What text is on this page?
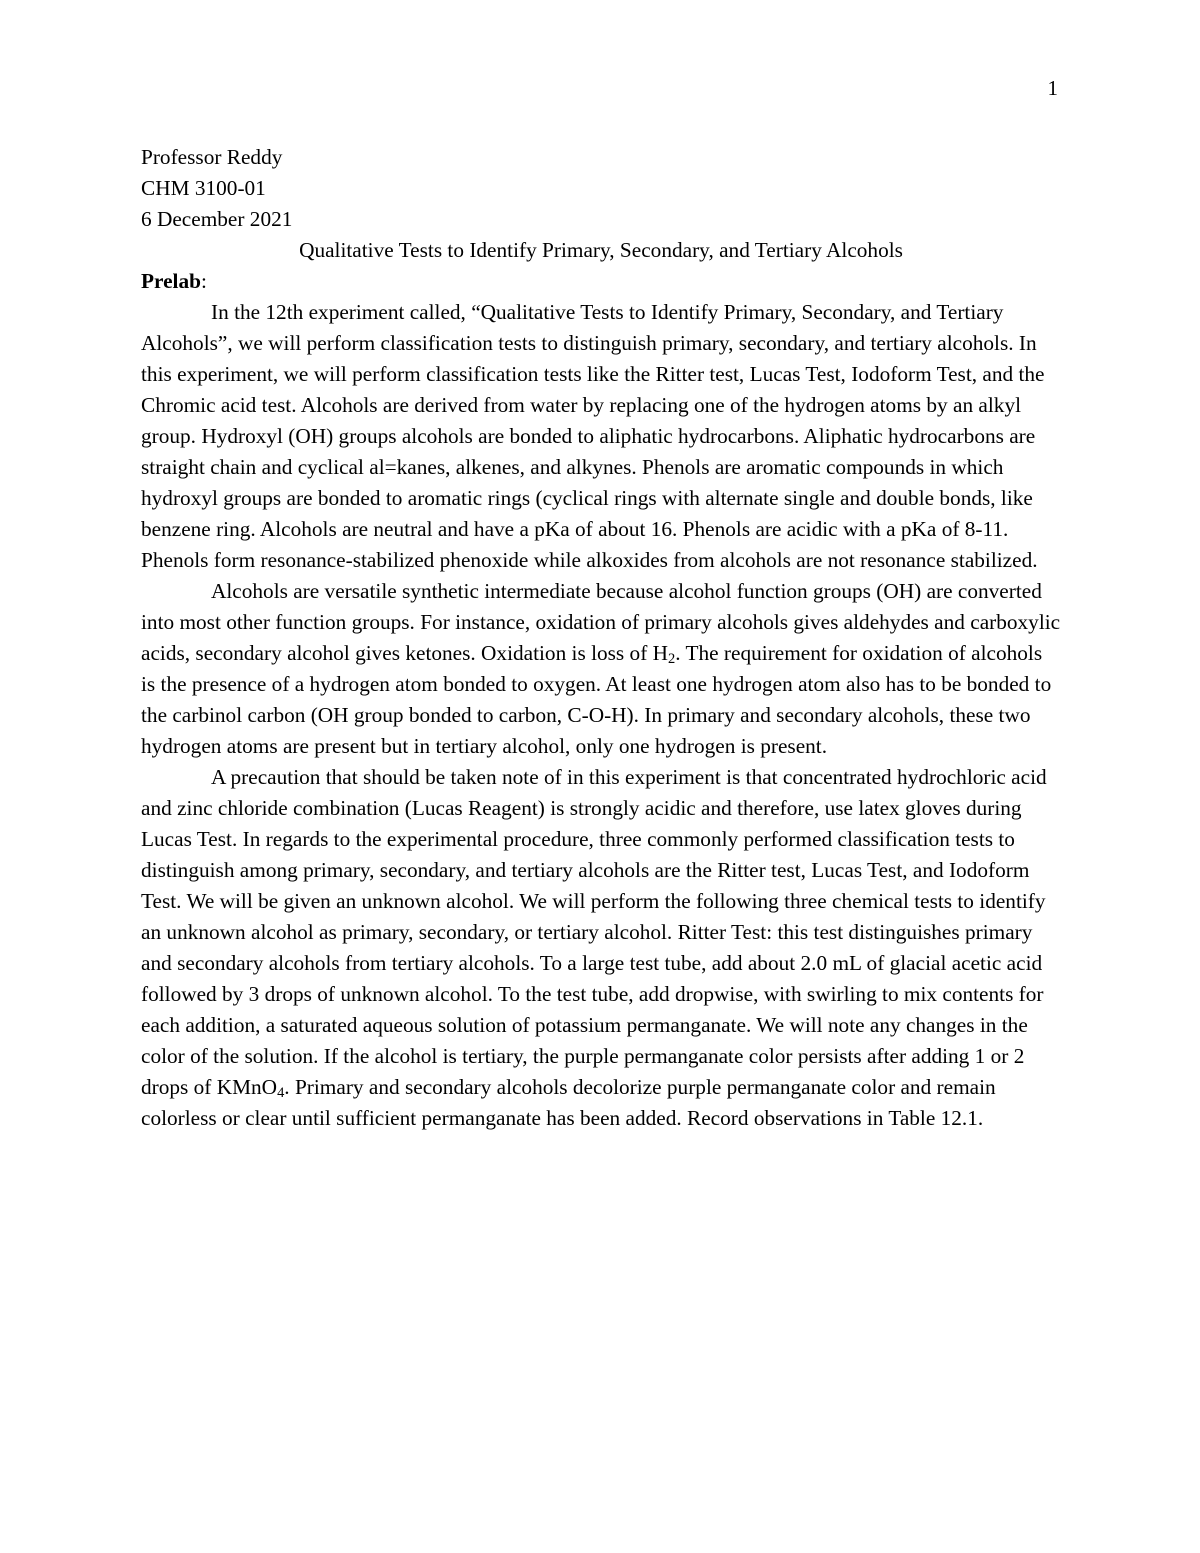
1

Professor Reddy

CHM 3100-01

6 December 2021

Qualitative Tests to Identify Primary, Secondary, and Tertiary Alcohols

Prelab:

In the 12th experiment called, “Qualitative Tests to Identify Primary, Secondary, and Tertiary Alcohols”, we will perform classification tests to distinguish primary, secondary, and tertiary alcohols. In this experiment, we will perform classification tests like the Ritter test, Lucas Test, Iodoform Test, and the Chromic acid test. Alcohols are derived from water by replacing one of the hydrogen atoms by an alkyl group. Hydroxyl (OH) groups alcohols are bonded to aliphatic hydrocarbons. Aliphatic hydrocarbons are straight chain and cyclical al=kanes, alkenes, and alkynes. Phenols are aromatic compounds in which hydroxyl groups are bonded to aromatic rings (cyclical rings with alternate single and double bonds, like benzene ring. Alcohols are neutral and have a pKa of about 16. Phenols are acidic with a pKa of 8-11. Phenols form resonance-stabilized phenoxide while alkoxides from alcohols are not resonance stabilized.

Alcohols are versatile synthetic intermediate because alcohol function groups (OH) are converted into most other function groups. For instance, oxidation of primary alcohols gives aldehydes and carboxylic acids, secondary alcohol gives ketones. Oxidation is loss of $H_2$. The requirement for oxidation of alcohols is the presence of a hydrogen atom bonded to oxygen. At least one hydrogen atom also has to be bonded to the carbinol carbon (OH group bonded to carbon, C-O-H). In primary and secondary alcohols, these two hydrogen atoms are present but in tertiary alcohol, only one hydrogen is present.

A precaution that should be taken note of in this experiment is that concentrated hydrochloric acid and zinc chloride combination (Lucas Reagent) is strongly acidic and therefore, use latex gloves during Lucas Test. In regards to the experimental procedure, three commonly performed classification tests to distinguish among primary, secondary, and tertiary alcohols are the Ritter test, Lucas Test, and Iodoform Test. We will be given an unknown alcohol. We will perform the following three chemical tests to identify an unknown alcohol as primary, secondary, or tertiary alcohol. Ritter Test: this test distinguishes primary and secondary alcohols from tertiary alcohols. To a large test tube, add about 2.0 mL of glacial acetic acid followed by 3 drops of unknown alcohol. To the test tube, add dropwise, with swirling to mix contents for each addition, a saturated aqueous solution of potassium permanganate. We will note any changes in the color of the solution. If the alcohol is tertiary, the purple permanganate color persists after adding 1 or 2 drops of KMnO$_4$. Primary and secondary alcohols decolorize purple permanganate color and remain colorless or clear until sufficient permanganate has been added. Record observations in Table 12.1.
